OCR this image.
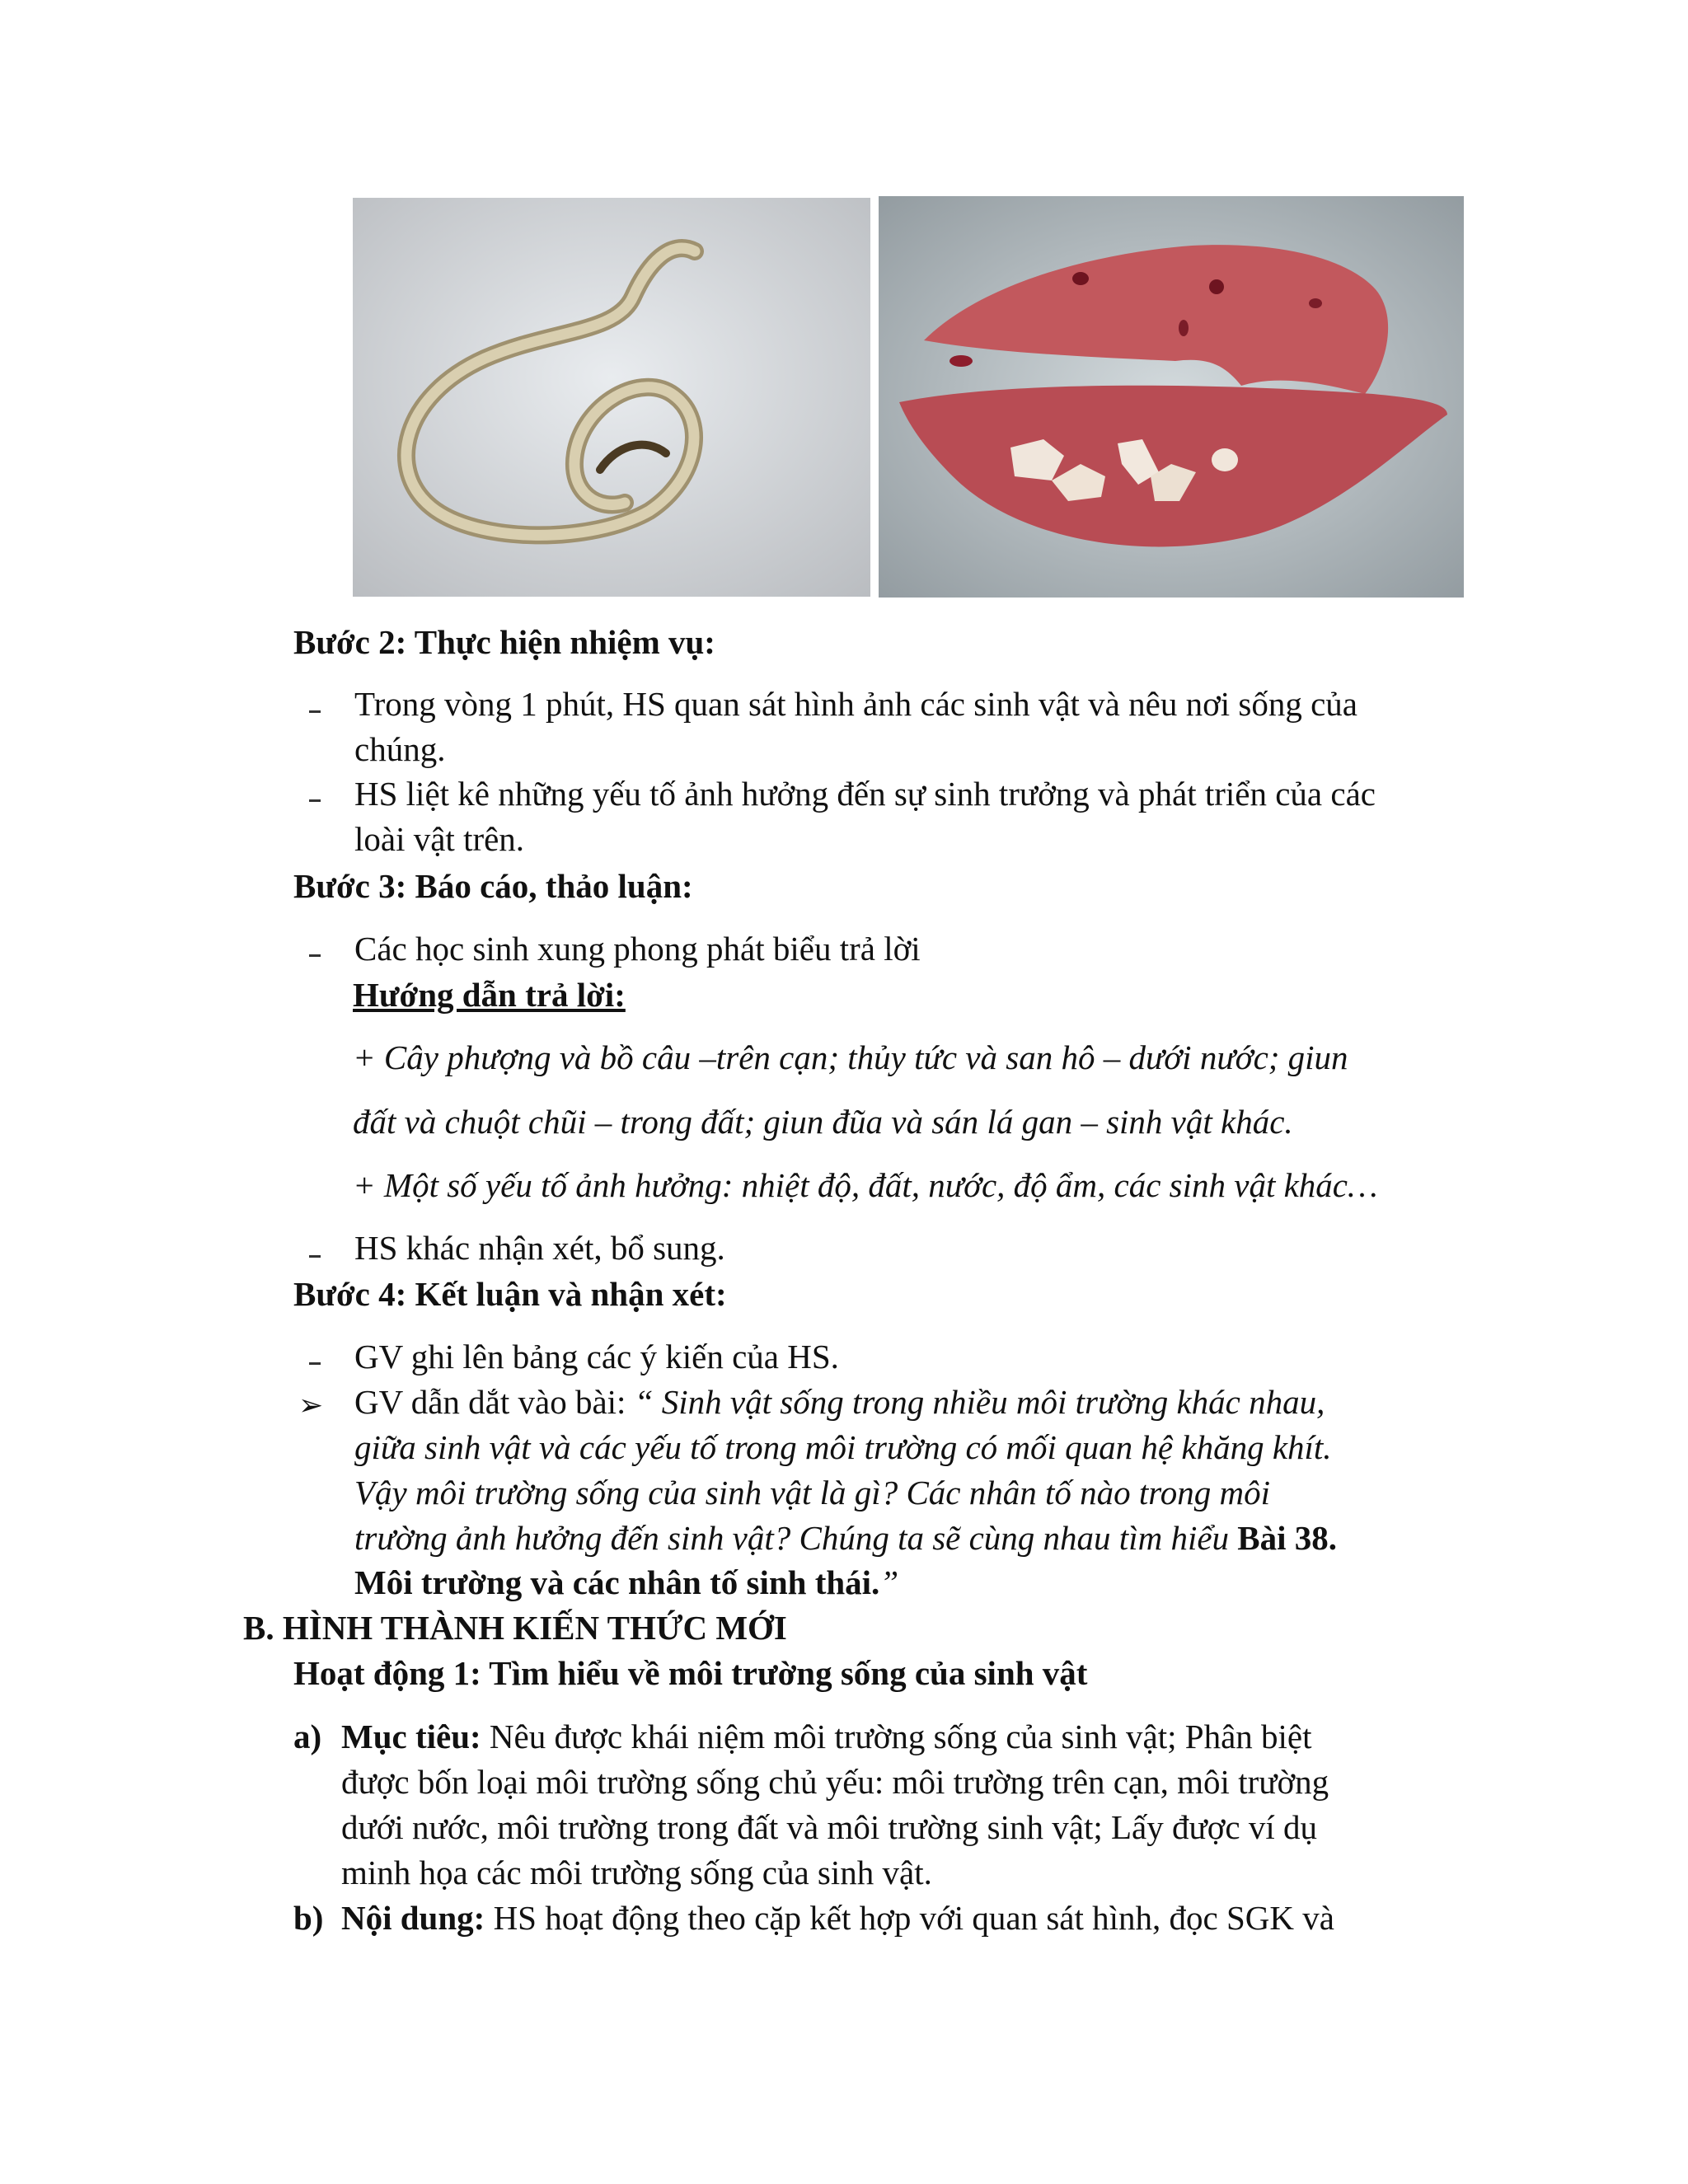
Bước 2: Thực hiện nhiệm vụ:
Trong vòng 1 phút, HS quan sát hình ảnh các sinh vật và nêu nơi sống của
chúng.
HS liệt kê những yếu tố ảnh hưởng đến sự sinh trưởng và phát triển của các
loài vật trên.
Bước 3: Báo cáo, thảo luận:
Các học sinh xung phong phát biểu trả lời
Hướng dẫn trả lời:
+ Cây phượng và bồ câu –trên cạn; thủy tức và san hô – dưới nước; giun
đất và chuột chũi – trong đất; giun đũa và sán lá gan – sinh vật khác.
+ Một số yếu tố ảnh hưởng: nhiệt độ, đất, nước, độ ẩm, các sinh vật khác…
HS khác nhận xét, bổ sung.
Bước 4: Kết luận và nhận xét:
GV ghi lên bảng các ý kiến của HS.
➢ GV dẫn dắt vào bài: “ Sinh vật sống trong nhiều môi trường khác nhau,
giữa sinh vật và các yếu tố trong môi trường có mối quan hệ khăng khít.
Vậy môi trường sống của sinh vật là gì? Các nhân tố nào trong môi
trường ảnh hưởng đến sinh vật? Chúng ta sẽ cùng nhau tìm hiểu Bài 38.
Môi trường và các nhân tố sinh thái.”
B. HÌNH THÀNH KIẾN THỨC MỚI
Hoạt động 1: Tìm hiểu về môi trường sống của sinh vật
a) Mục tiêu: Nêu được khái niệm môi trường sống của sinh vật; Phân biệt
được bốn loại môi trường sống chủ yếu: môi trường trên cạn, môi trường
dưới nước, môi trường trong đất và môi trường sinh vật; Lấy được ví dụ
minh họa các môi trường sống của sinh vật.
b) Nội dung: HS hoạt động theo cặp kết hợp với quan sát hình, đọc SGK và
